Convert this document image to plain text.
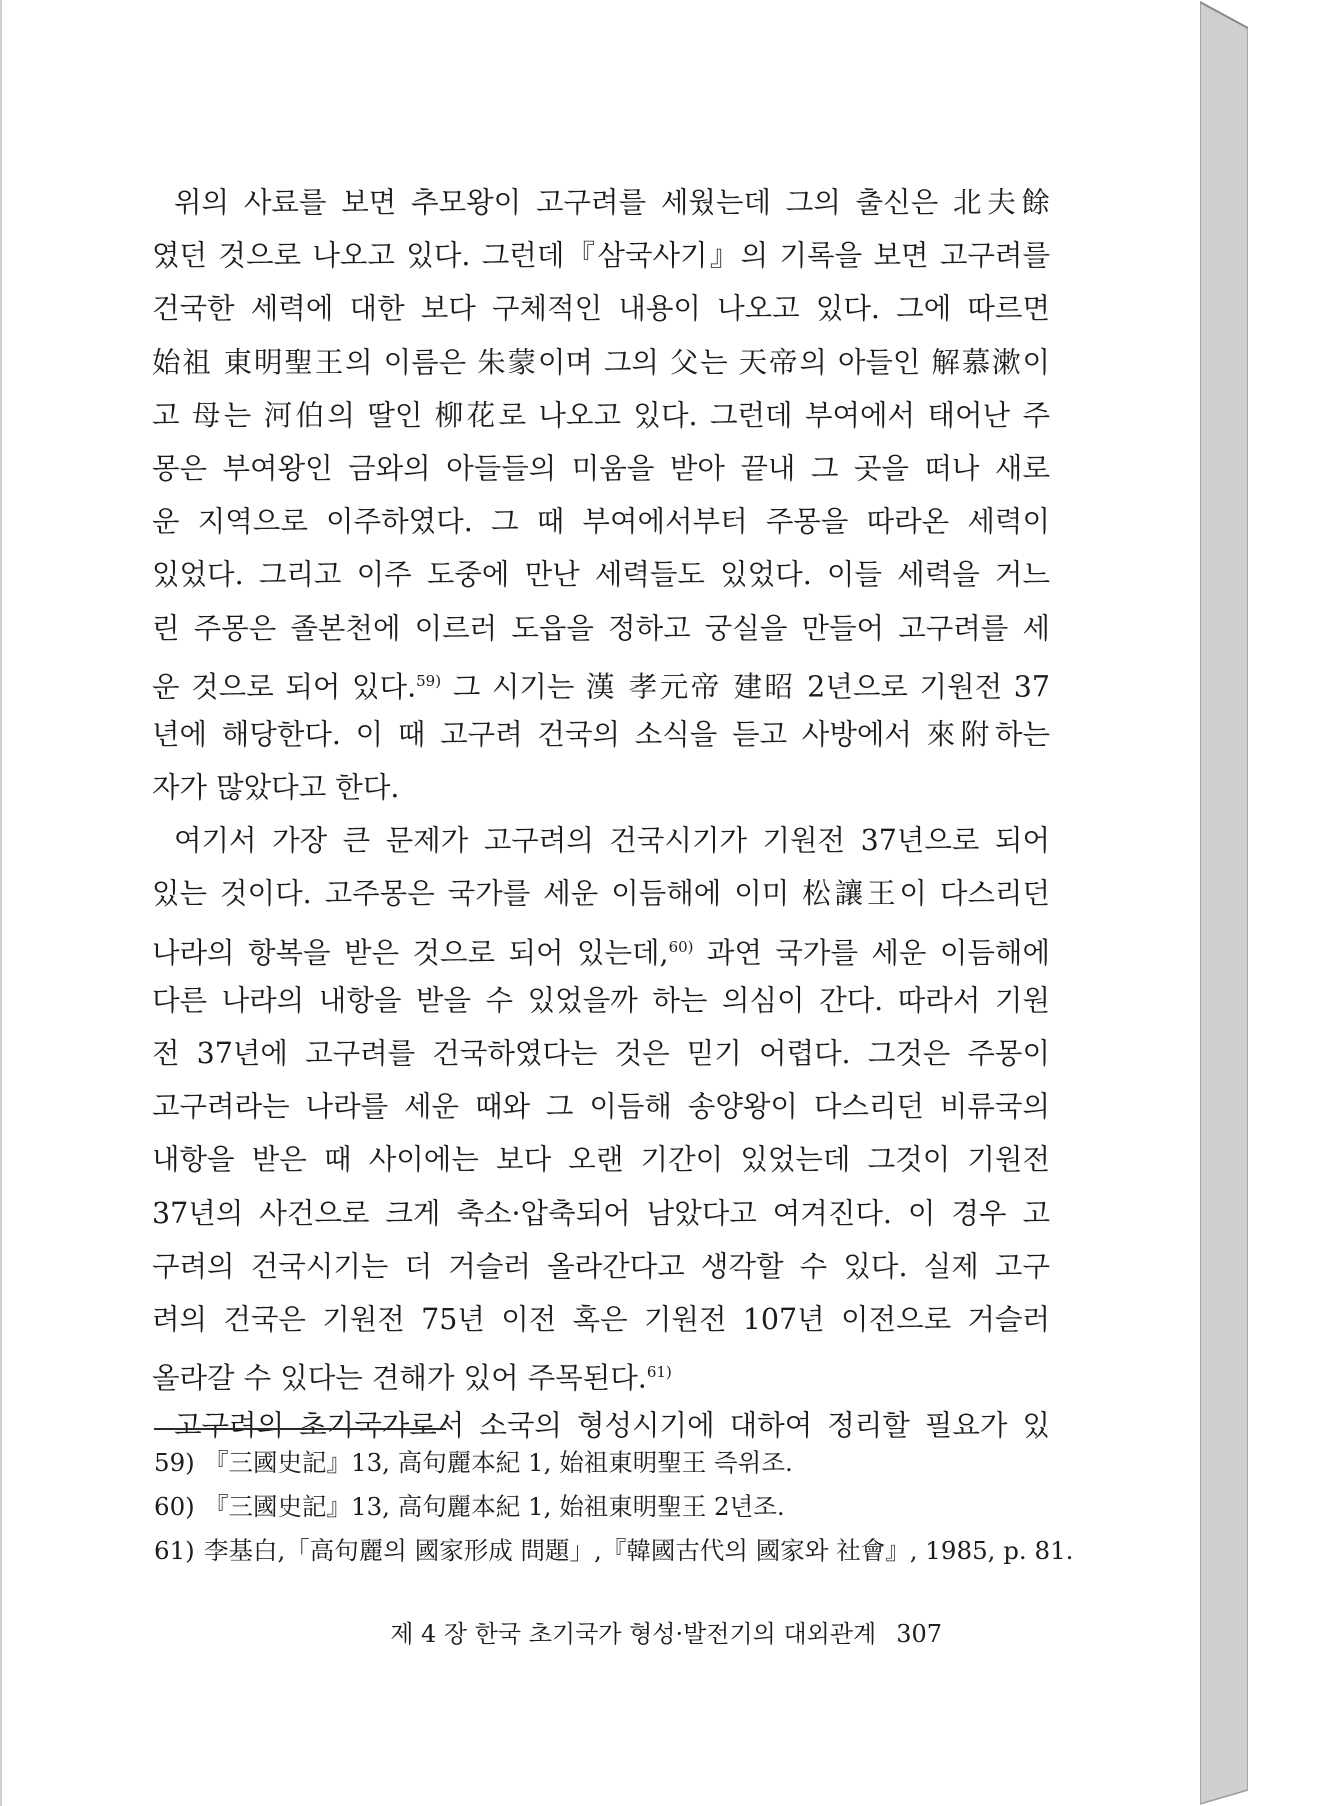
위의 사료를 보면 추모왕이 고구려를 세웠는데 그의 출신은 北夫餘
였던 것으로 나오고 있다. 그런데『삼국사기』의 기록을 보면 고구려를
건국한 세력에 대한 보다 구체적인 내용이 나오고 있다. 그에 따르면
始祖 東明聖王의 이름은 朱蒙이며 그의 父는 天帝의 아들인 解慕漱이
고 母는 河伯의 딸인 柳花로 나오고 있다. 그런데 부여에서 태어난 주
몽은 부여왕인 금와의 아들들의 미움을 받아 끝내 그 곳을 떠나 새로
운 지역으로 이주하였다. 그 때 부여에서부터 주몽을 따라온 세력이
있었다. 그리고 이주 도중에 만난 세력들도 있었다. 이들 세력을 거느
린 주몽은 졸본천에 이르러 도읍을 정하고 궁실을 만들어 고구려를 세
운 것으로 되어 있다.$^{59)}$ 그 시기는 漢 孝元帝 建昭 2년으로 기원전 37
년에 해당한다. 이 때 고구려 건국의 소식을 듣고 사방에서 來附하는
자가 많았다고 한다.
여기서 가장 큰 문제가 고구려의 건국시기가 기원전 37년으로 되어
있는 것이다. 고주몽은 국가를 세운 이듬해에 이미 松讓王이 다스리던
나라의 항복을 받은 것으로 되어 있는데,$^{60)}$ 과연 국가를 세운 이듬해에
다른 나라의 내항을 받을 수 있었을까 하는 의심이 간다. 따라서 기원
전 37년에 고구려를 건국하였다는 것은 믿기 어렵다. 그것은 주몽이
고구려라는 나라를 세운 때와 그 이듬해 송양왕이 다스리던 비류국의
내항을 받은 때 사이에는 보다 오랜 기간이 있었는데 그것이 기원전
37년의 사건으로 크게 축소·압축되어 남았다고 여겨진다. 이 경우 고
구려의 건국시기는 더 거슬러 올라간다고 생각할 수 있다. 실제 고구
려의 건국은 기원전 75년 이전 혹은 기원전 107년 이전으로 거슬러
올라갈 수 있다는 견해가 있어 주목된다.$^{61)}$
고구려의 초기국가로서 소국의 형성시기에 대하여 정리할 필요가 있
59) 『三國史記』13, 高句麗本紀 1, 始祖東明聖王 즉위조.
60) 『三國史記』13, 高句麗本紀 1, 始祖東明聖王 2년조.
61) 李基白,「高句麗의 國家形成 問題」,『韓國古代의 國家와 社會』, 1985, p. 81.
제 4 장 한국 초기국가 형성·발전기의 대외관계 307
